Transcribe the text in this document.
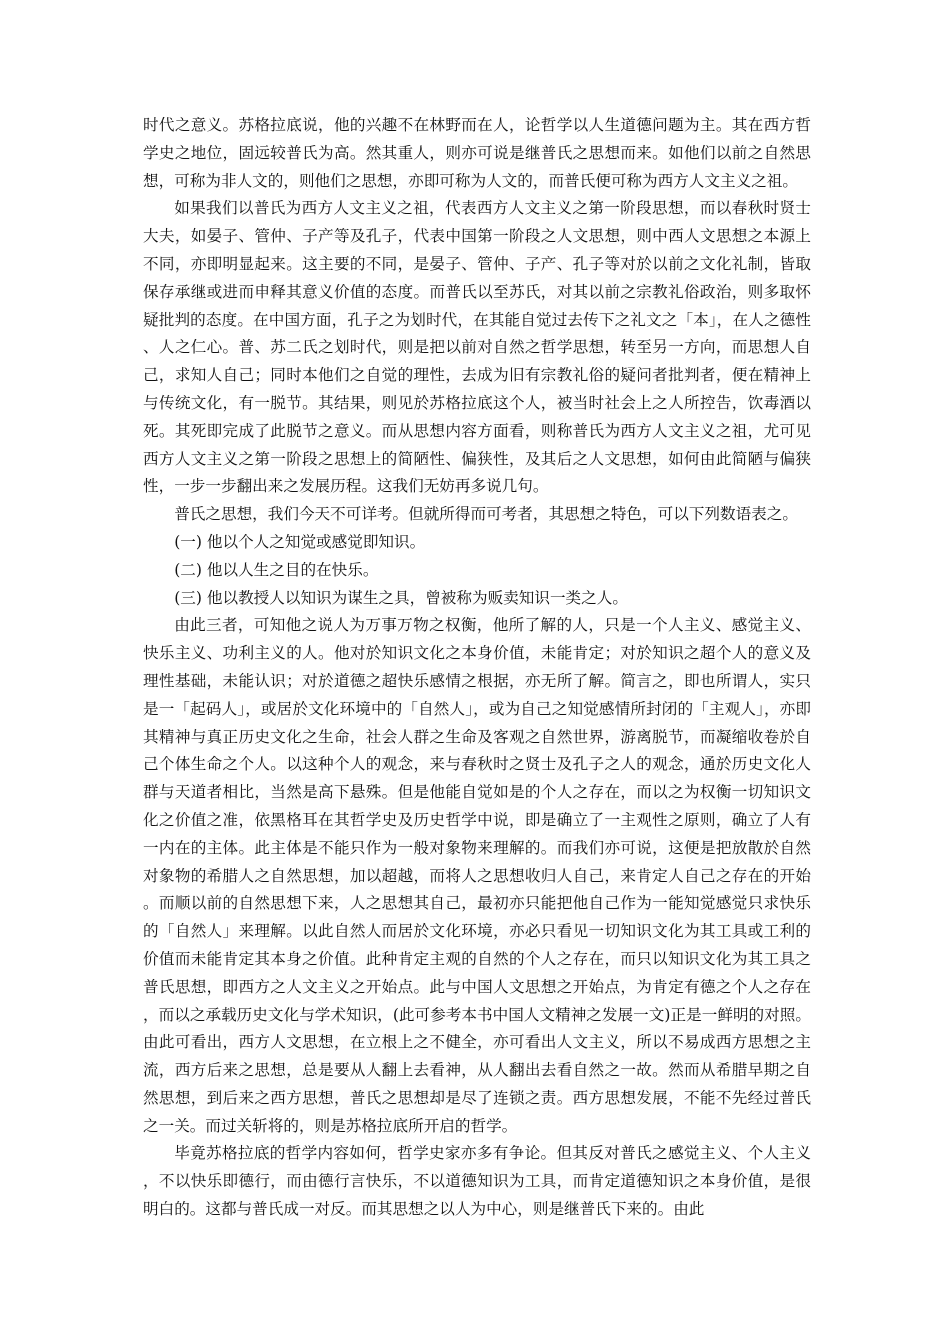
时代之意义。苏格拉底说，他的兴趣不在林野而在人，论哲学以人生道德问题为主。其在西方哲学史之地位，固远较普氏为高。然其重人，则亦可说是继普氏之思想而来。如他们以前之自然思想，可称为非人文的，则他们之思想，亦即可称为人文的，而普氏便可称为西方人文主义之祖。

如果我们以普氏为西方人文主义之祖，代表西方人文主义之第一阶段思想，而以春秋时贤士大夫，如晏子、管仲、子产等及孔子，代表中国第一阶段之人文思想，则中西人文思想之本源上不同，亦即明显起来。这主要的不同，是晏子、管仲、子产、孔子等对於以前之文化礼制，皆取保存承继或进而申释其意义价值的态度。而普氏以至苏氏，对其以前之宗教礼俗政治，则多取怀疑批判的态度。在中国方面，孔子之为划时代，在其能自觉过去传下之礼文之「本」，在人之德性、人之仁心。普、苏二氏之划时代，则是把以前对自然之哲学思想，转至另一方向，而思想人自己，求知人自己；同时本他们之自觉的理性，去成为旧有宗教礼俗的疑问者批判者，便在精神上与传统文化，有一脱节。其结果，则见於苏格拉底这个人，被当时社会上之人所控告，饮毒酒以死。其死即完成了此脱节之意义。而从思想内容方面看，则称普氏为西方人文主义之祖，尤可见西方人文主义之第一阶段之思想上的简陋性、偏狭性，及其后之人文思想，如何由此简陋与偏狭性，一步一步翻出来之发展历程。这我们无妨再多说几句。

普氏之思想，我们今天不可详考。但就所得而可考者，其思想之特色，可以下列数语表之。

(一) 他以个人之知觉或感觉即知识。

(二) 他以人生之目的在快乐。

(三) 他以教授人以知识为谋生之具，曾被称为贩卖知识一类之人。

由此三者，可知他之说人为万事万物之权衡，他所了解的人，只是一个人主义、感觉主义、快乐主义、功利主义的人。他对於知识文化之本身价值，未能肯定；对於知识之超个人的意义及理性基础，未能认识；对於道德之超快乐感情之根据，亦无所了解。简言之，即也所谓人，实只是一「起码人」，或居於文化环境中的「自然人」，或为自己之知觉感情所封闭的「主观人」，亦即其精神与真正历史文化之生命，社会人群之生命及客观之自然世界，游离脱节，而凝缩收卷於自己个体生命之个人。以这种个人的观念，来与春秋时之贤士及孔子之人的观念，通於历史文化人群与天道者相比，当然是高下悬殊。但是他能自觉如是的个人之存在，而以之为权衡一切知识文化之价值之准，依黑格耳在其哲学史及历史哲学中说，即是确立了一主观性之原则，确立了人有一内在的主体。此主体是不能只作为一般对象物来理解的。而我们亦可说，这便是把放散於自然对象物的希腊人之自然思想，加以超越，而将人之思想收归人自己，来肯定人自己之存在的开始。而顺以前的自然思想下来，人之思想其自己，最初亦只能把他自己作为一能知觉感觉只求快乐的「自然人」来理解。以此自然人而居於文化环境，亦必只看见一切知识文化为其工具或工利的价值而未能肯定其本身之价值。此种肯定主观的自然的个人之存在，而只以知识文化为其工具之普氏思想，即西方之人文主义之开始点。此与中国人文思想之开始点，为肯定有德之个人之存在，而以之承载历史文化与学术知识，(此可参考本书中国人文精神之发展一文)正是一鲜明的对照。由此可看出，西方人文思想，在立根上之不健全，亦可看出人文主义，所以不易成西方思想之主流，西方后来之思想，总是要从人翻上去看神，从人翻出去看自然之一故。然而从希腊早期之自然思想，到后来之西方思想，普氏之思想却是尽了连锁之责。西方思想发展，不能不先经过普氏之一关。而过关斩将的，则是苏格拉底所开启的哲学。

毕竟苏格拉底的哲学内容如何，哲学史家亦多有争论。但其反对普氏之感觉主义、个人主义，不以快乐即德行，而由德行言快乐，不以道德知识为工具，而肯定道德知识之本身价值，是很明白的。这都与普氏成一对反。而其思想之以人为中心，则是继普氏下来的。由此
